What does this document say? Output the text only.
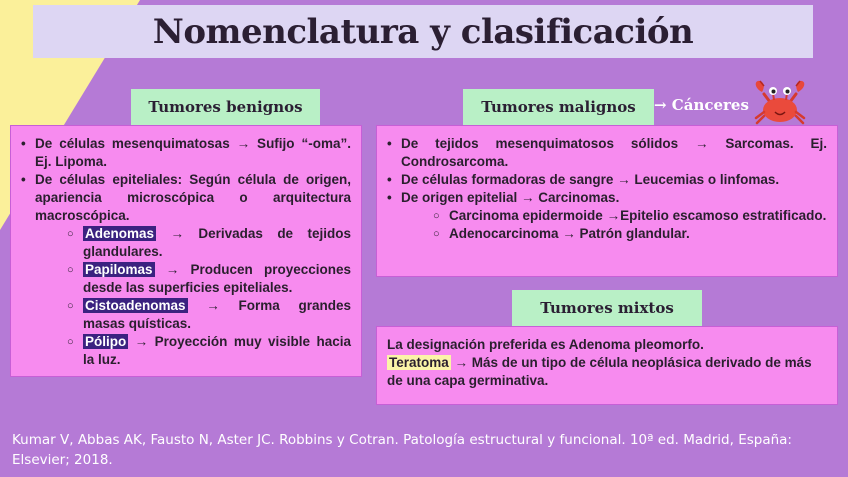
Nomenclatura y clasificación
Tumores benignos
• De células mesenquimatosas → Sufijo “-oma”. Ej. Lipoma.
• De células epiteliales: Según célula de origen, apariencia microscópica o arquitectura macroscópica.
○ Adenomas → Derivadas de tejidos glandulares.
○ Papilomas → Producen proyecciones desde las superficies epiteliales.
○ Cistoadenomas → Forma grandes masas quísticas.
○ Pólipo → Proyección muy visible hacia la luz.
Tumores malignos → Cánceres
• De tejidos mesenquimatosos sólidos → Sarcomas. Ej. Condrosarcoma.
• De células formadoras de sangre → Leucemias o linfomas.
• De origen epitelial → Carcinomas.
○ Carcinoma epidermoide →Epitelio escamoso estratificado.
○ Adenocarcinoma → Patrón glandular.
Tumores mixtos

La designación preferida es Adenoma pleomorfo.

Teratoma → Más de un tipo de célula neoplásica derivado de más de una capa germinativa.

Kumar V, Abbas AK, Fausto N, Aster JC. Robbins y Cotran. Patología estructural y funcional. 10ª ed. Madrid, España: Elsevier; 2018.
